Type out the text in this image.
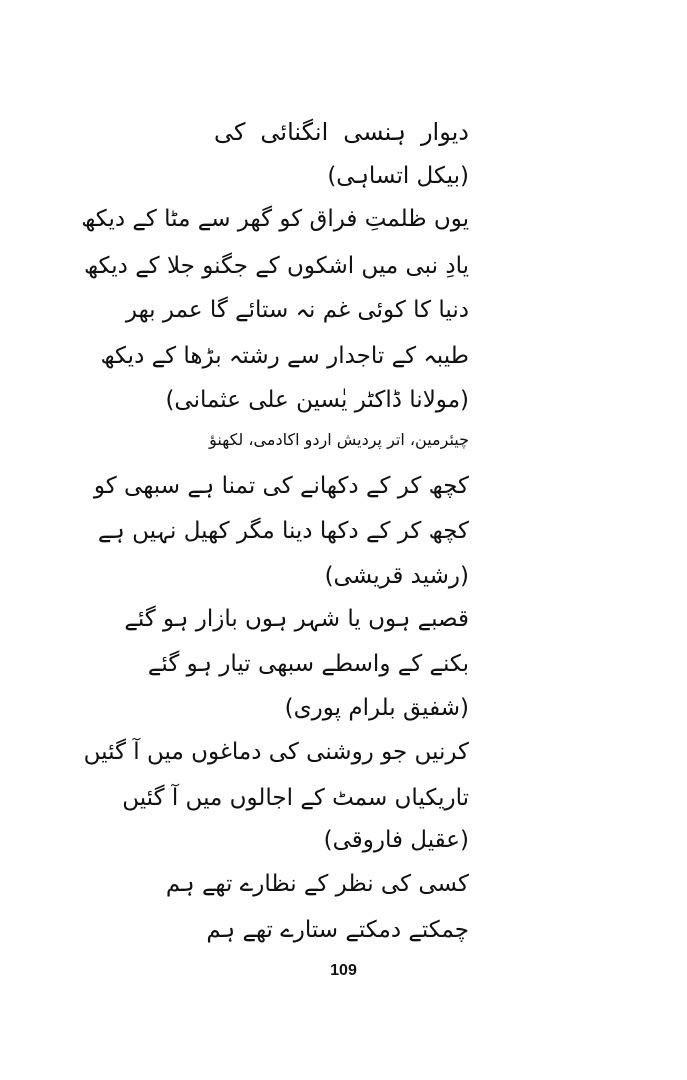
دیوار ہنسی انگنائی کی
(بیکل اتساہی)
یوں ظلمتِ فراق کو گھر سے مٹا کے دیکھ
یادِ نبی میں اشکوں کے جگنو جلا کے دیکھ
دنیا کا کوئی غم نہ ستائے گا عمر بھر
طیبہ کے تاجدار سے رشتہ بڑھا کے دیکھ
(مولانا ڈاکٹر یٰسین علی عثمانی)
چیئرمین، اتر پردیش اردو اکادمی، لکھنؤ
کچھ کر کے دکھانے کی تمنا ہے سبھی کو
کچھ کر کے دکھا دینا مگر کھیل نہیں ہے
(رشید قریشی)
قصبے ہوں یا شہر ہوں بازار ہو گئے
بکنے کے واسطے سبھی تیار ہو گئے
(شفیق بلرام پوری)
کرنیں جو روشنی کی دماغوں میں آ گئیں
تاریکیاں سمٹ کے اجالوں میں آ گئیں
(عقیل فاروقی)
کسی کی نظر کے نظارے تھے ہم
چمکتے دمکتے ستارے تھے ہم
109
